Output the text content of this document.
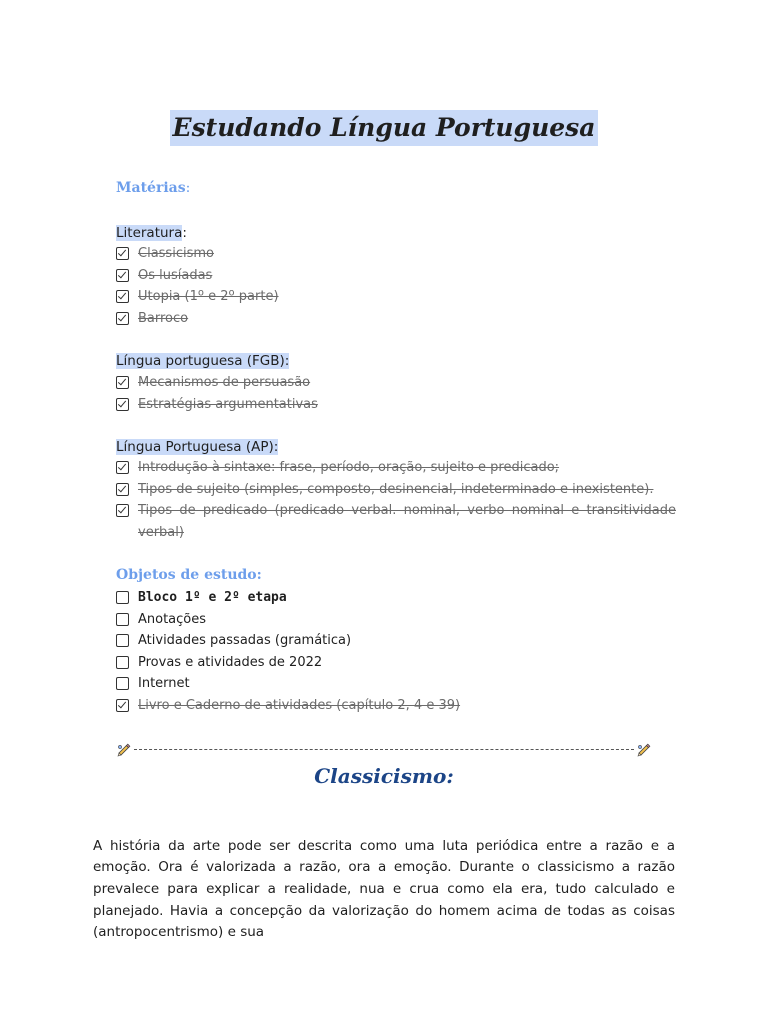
Estudando Língua Portuguesa
Matérias:
Literatura:
Classicismo
Os lusíadas
Utopia (1º e 2º parte)
Barroco
Língua portuguesa (FGB):
Mecanismos de persuasão
Estratégias argumentativas
Língua Portuguesa (AP):
Introdução à sintaxe: frase, período, oração, sujeito e predicado;
Tipos de sujeito (simples, composto, desinencial, indeterminado e inexistente).
Tipos de predicado (predicado verbal. nominal, verbo nominal e transitividade verbal)
Objetos de estudo:
Bloco 1º e 2º etapa
Anotações
Atividades passadas (gramática)
Provas e atividades de 2022
Internet
Livro e Caderno de atividades (capítulo 2, 4 e 39)
Classicismo:

A história da arte pode ser descrita como uma luta periódica entre a razão e a emoção. Ora é valorizada a razão, ora a emoção. Durante o classicismo a razão prevalece para explicar a realidade, nua e crua como ela era, tudo calculado e planejado. Havia a concepção da valorização do homem acima de todas as coisas (antropocentrismo) e sua
